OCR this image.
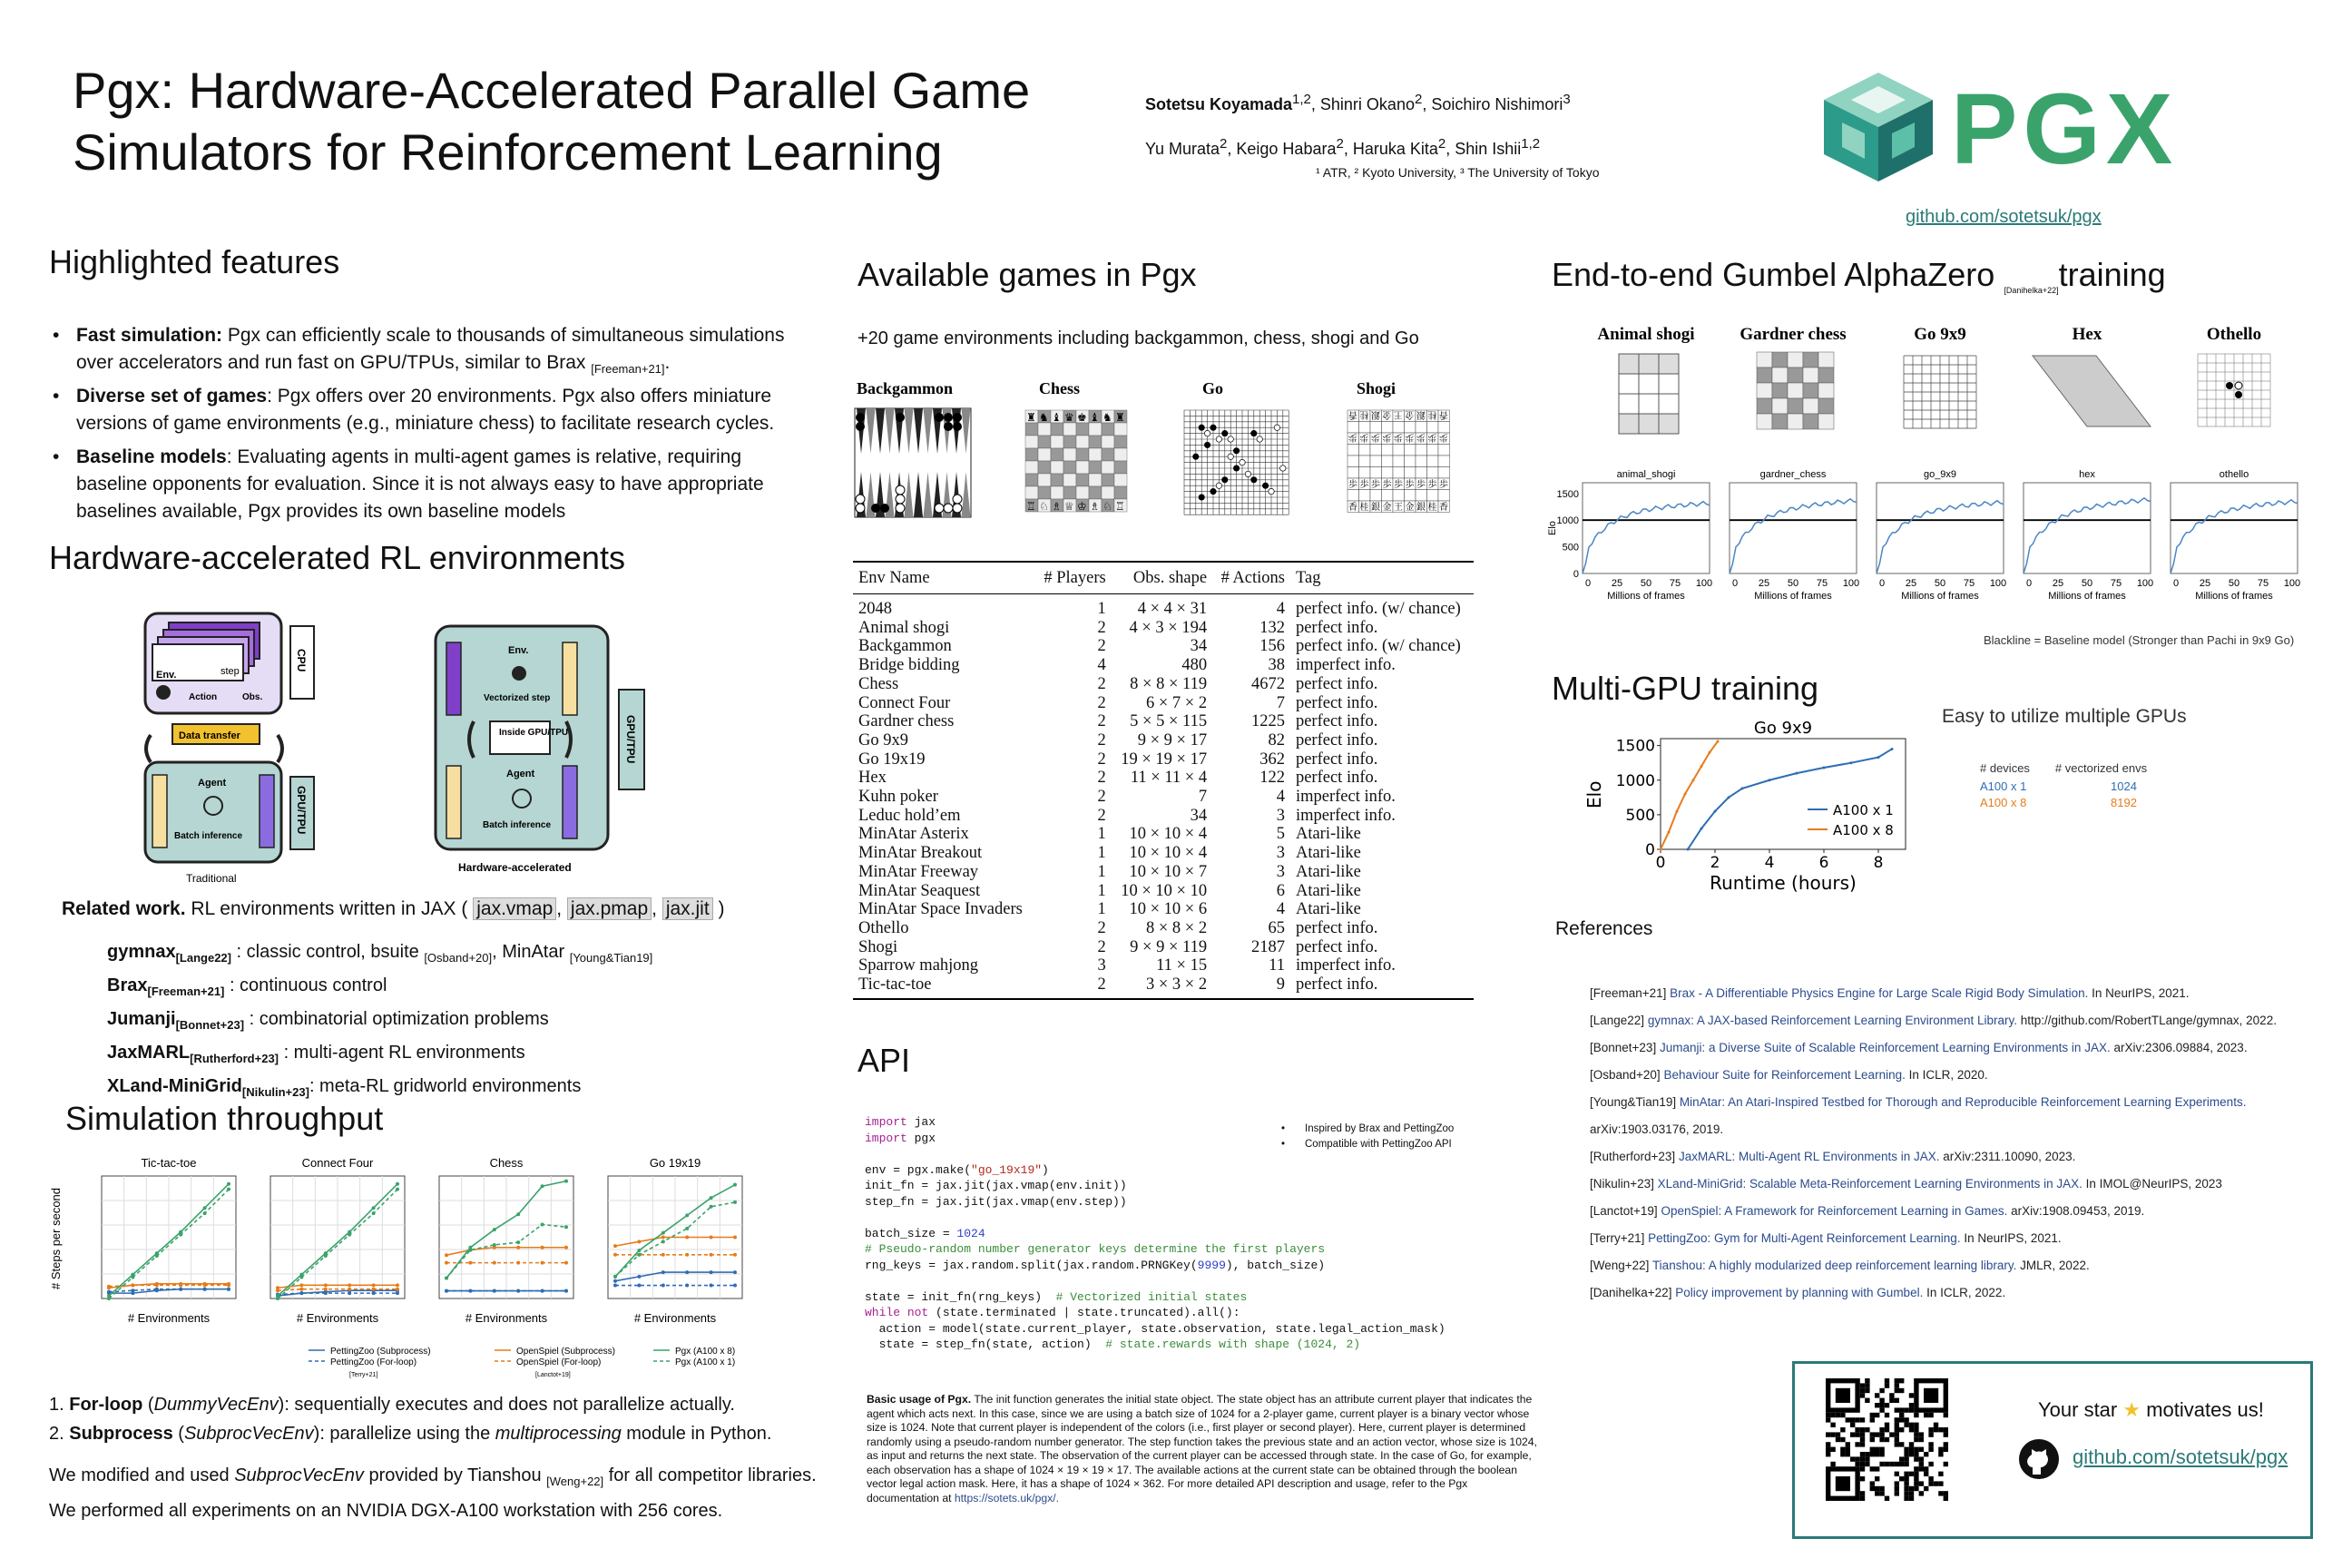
Pgx: Hardware-Accelerated Parallel Game
Simulators for Reinforcement Learning
Sotetsu Koyamada$^{1,2}$, Shinri Okano$^2$, Soichiro Nishimori$^3$
Yu Murata$^2$, Keigo Habara$^2$, Haruka Kita$^2$, Shin Ishii$^{1,2}$
¹ ATR, ² Kyoto University, ³ The University of Tokyo	PGX
github.com/sotetsuk/pgx
Highlighted features
• Fast simulation: Pgx can efficiently scale to thousands of simultaneous simulations over accelerators and run fast on GPU/TPUs, similar to Brax $_{[Freeman+21]}$.
• Diverse set of games: Pgx offers over 20 environments. Pgx also offers miniature versions of game environments (e.g., miniature chess) to facilitate research cycles.
• Baseline models: Evaluating agents in multi-agent games is relative, requiring baseline opponents for evaluation. Since it is not always easy to have appropriate baselines available, Pgx provides its own baseline models
Hardware-accelerated RL environments
Env.	step
Action	Obs.
CPU
Data transfer
Agent
Batch inference
GPU/TPU
Traditional
Env.
Vectorized step
Inside GPU/TPU
Agent
Batch inference
GPU/TPU
Hardware-accelerated
Related work. RL environments written in JAX ( jax.vmap , jax.pmap , jax.jit )
gymnax$_{[Lange22]}$ : classic control, bsuite $_{[Osband+20]}$, MinAtar $_{[Young\&Tian19]}$
Brax$_{[Freeman+21]}$ : continuous control
Jumanji$_{[Bonnet+23]}$ : combinatorial optimization problems
JaxMARL$_{[Rutherford+23]}$ : multi-agent RL environments
XLand-MiniGrid$_{[Nikulin+23]}$: meta-RL gridworld environments
Simulation throughput
Tic-tac-toe
# Environments
Connect Four
# Environments
Chess
# Environments
Go 19x19
# Environments
# Steps per second
PettingZoo (Subprocess)
PettingZoo (For-loop)
OpenSpiel (Subprocess)
OpenSpiel (For-loop)
Pgx (A100 x 8)
Pgx (A100 x 1)
[Terry+21]	[Lanctot+19]
1. For-loop (DummyVecEnv): sequentially executes and does not parallelize actually.
2. Subprocess (SubprocVecEnv): parallelize using the multiprocessing module in Python.
We modified and used SubprocVecEnv provided by Tianshou $_{[Weng+22]}$ for all competitor libraries. We performed all experiments on an NVIDIA DGX-A100 workstation with 256 cores.
Available games in Pgx
+20 game environments including backgammon, chess, shogi and Go
Backgammon	Chess	Go	Shogi
♜
♖
♞
♘
♝
♗
♛
♕
♚
♔
♝
♗
♞
♘
♜
♖
香
香
桂
桂
銀
銀
金
金
王
王
金
金
銀
銀
桂
桂
香
香
歩
歩
歩
歩
歩
歩
歩
歩
歩
歩
歩
歩
歩
歩
歩
歩
歩
歩
Env Name	# Players	Obs. shape	# Actions	Tag
2048	1	4 × 4 × 31	4	perfect info. (w/ chance)
Animal shogi	2	4 × 3 × 194	132	perfect info.
Backgammon	2	34	156	perfect info. (w/ chance)
Bridge bidding	4	480	38	imperfect info.
Chess	2	8 × 8 × 119	4672	perfect info.
Connect Four	2	6 × 7 × 2	7	perfect info.
Gardner chess	2	5 × 5 × 115	1225	perfect info.
Go 9x9	2	9 × 9 × 17	82	perfect info.
Go 19x19	2	19 × 19 × 17	362	perfect info.
Hex	2	11 × 11 × 4	122	perfect info.
Kuhn poker	2	7	4	imperfect info.
Leduc hold’em	2	34	3	imperfect info.
MinAtar Asterix	1	10 × 10 × 4	5	Atari-like
MinAtar Breakout	1	10 × 10 × 4	3	Atari-like
MinAtar Freeway	1	10 × 10 × 7	3	Atari-like
MinAtar Seaquest	1	10 × 10 × 10	6	Atari-like
MinAtar Space Invaders	1	10 × 10 × 6	4	Atari-like
Othello	2	8 × 8 × 2	65	perfect info.
Shogi	2	9 × 9 × 119	2187	perfect info.
Sparrow mahjong	3	11 × 15	11	imperfect info.
Tic-tac-toe	2	3 × 3 × 2	9	perfect info.
API
• Inspired by Brax and PettingZoo
• Compatible with PettingZoo API
import jax
import pgx

env = pgx.make("go_19x19")
init_fn = jax.jit(jax.vmap(env.init))
step_fn = jax.jit(jax.vmap(env.step))

batch_size = 1024
# Pseudo-random number generator keys determine the first players
rng_keys = jax.random.split(jax.random.PRNGKey(9999), batch_size)

state = init_fn(rng_keys)  # Vectorized initial states
while not (state.terminated | state.truncated).all():
action = model(state.current_player, state.observation, state.legal_action_mask)
state = step_fn(state, action)  # state.rewards with shape (1024, 2)
Basic usage of Pgx. The init function generates the initial state object. The state object has an attribute current player that indicates the agent which acts next. In this case, since we are using a batch size of 1024 for a 2-player game, current player is a binary vector whose size is 1024. Note that current player is independent of the colors (i.e., first player or second player). Here, current player is determined randomly using a pseudo-random number generator. The step function takes the previous state and an action vector, whose size is 1024, as input and returns the next state. The observation of the current player can be accessed through state. In the case of Go, for example, each observation has a shape of 1024 × 19 × 19 × 17. The available actions at the current state can be obtained through the boolean vector legal action mask. Here, it has a shape of 1024 × 362. For more detailed API description and usage, refer to the Pgx documentation at https://sotets.uk/pgx/.
End-to-end Gumbel AlphaZero $_{[Danihelka+22]}$training
Animal shogi
animal_shogi
Millions of frames
0 25 50 75 100
Gardner chess
gardner_chess
Millions of frames
0 25 50 75 100
Go 9x9
go_9x9
Millions of frames
0 25 50 75 100
Hex
hex
Millions of frames
0 25 50 75 100
Othello
othello
Millions of frames
0 25 50 75 100
1500
1000
500
0
Elo
Blackline = Baseline model (Stronger than Pachi in 9x9 Go)
Multi-GPU training
Easy to utilize multiple GPUs
Go 9x9
0
500
1000
1500
0	2	4	6	8
A100 x 1
A100 x 8
Runtime (hours)
Elo
# devices # vectorized envs
A100 x 1	1024
A100 x 8	8192
References
[Freeman+21] Brax - A Differentiable Physics Engine for Large Scale Rigid Body Simulation. In NeurIPS, 2021.
[Lange22] gymnax: A JAX-based Reinforcement Learning Environment Library. http://github.com/RobertTLange/gymnax, 2022.
[Bonnet+23] Jumanji: a Diverse Suite of Scalable Reinforcement Learning Environments in JAX. arXiv:2306.09884, 2023.
[Osband+20] Behaviour Suite for Reinforcement Learning. In ICLR, 2020.
[Young&Tian19] MinAtar: An Atari-Inspired Testbed for Thorough and Reproducible Reinforcement Learning Experiments. arXiv:1903.03176, 2019.
[Rutherford+23] JaxMARL: Multi-Agent RL Environments in JAX. arXiv:2311.10090, 2023.
[Nikulin+23] XLand-MiniGrid: Scalable Meta-Reinforcement Learning Environments in JAX. In IMOL@NeurIPS, 2023
[Lanctot+19] OpenSpiel: A Framework for Reinforcement Learning in Games. arXiv:1908.09453, 2019.
[Terry+21] PettingZoo: Gym for Multi-Agent Reinforcement Learning. In NeurIPS, 2021.
[Weng+22] Tianshou: A highly modularized deep reinforcement learning library. JMLR, 2022.
[Danihelka+22] Policy improvement by planning with Gumbel. In ICLR, 2022.
Your star ★ motivates us!
github.com/sotetsuk/pgx
